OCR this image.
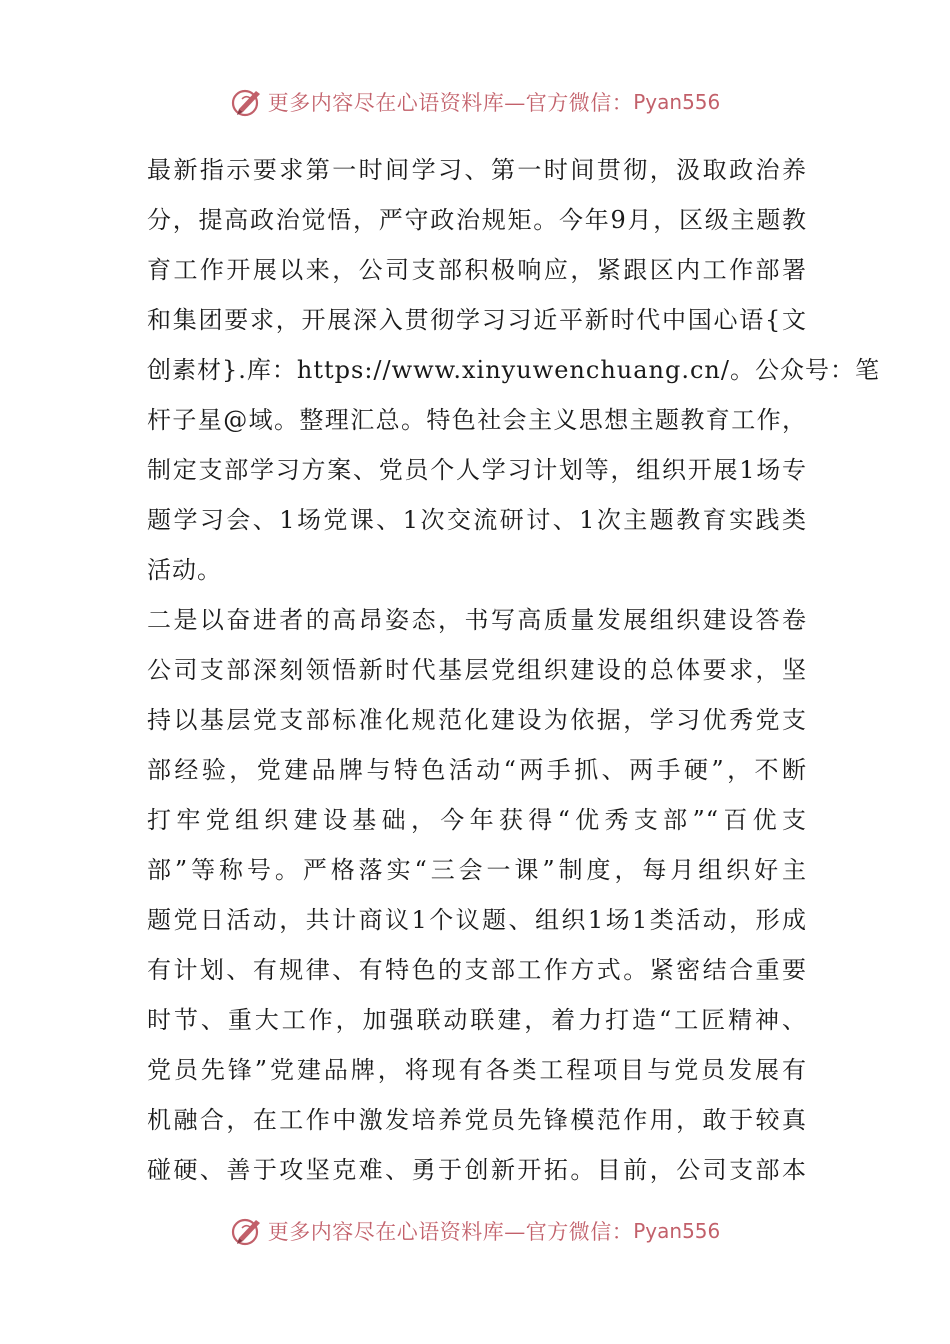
更多内容尽在心语资料库—官方微信： Pyan556
最新指示要求第一时间学习、第一时间贯彻，汲取政治养
分，提高政治觉悟，严守政治规矩。今年9月，区级主题教
育工作开展以来，公司支部积极响应，紧跟区内工作部署
和集团要求，开展深入贯彻学习习近平新时代中国心语{文
创素材}.库：https://www.xinyuwenchuang.cn/。公众号：笔
杆子星@域。整理汇总。特色社会主义思想主题教育工作，
制定支部学习方案、党员个人学习计划等，组织开展1场专
题学习会、1场党课、1次交流研讨、1次主题教育实践类
活动。
二是以奋进者的高昂姿态，书写高质量发展组织建设答卷
公司支部深刻领悟新时代基层党组织建设的总体要求，坚
持以基层党支部标准化规范化建设为依据，学习优秀党支
部经验，党建品牌与特色活动“两手抓、两手硬”，不断
打牢党组织建设基础，今年获得“优秀支部”“百优支
部”等称号。严格落实“三会一课”制度，每月组织好主
题党日活动，共计商议1个议题、组织1场1类活动，形成
有计划、有规律、有特色的支部工作方式。紧密结合重要
时节、重大工作，加强联动联建，着力打造“工匠精神、
党员先锋”党建品牌，将现有各类工程项目与党员发展有
机融合，在工作中激发培养党员先锋模范作用，敢于较真
碰硬、善于攻坚克难、勇于创新开拓。目前，公司支部本
更多内容尽在心语资料库—官方微信： Pyan556
